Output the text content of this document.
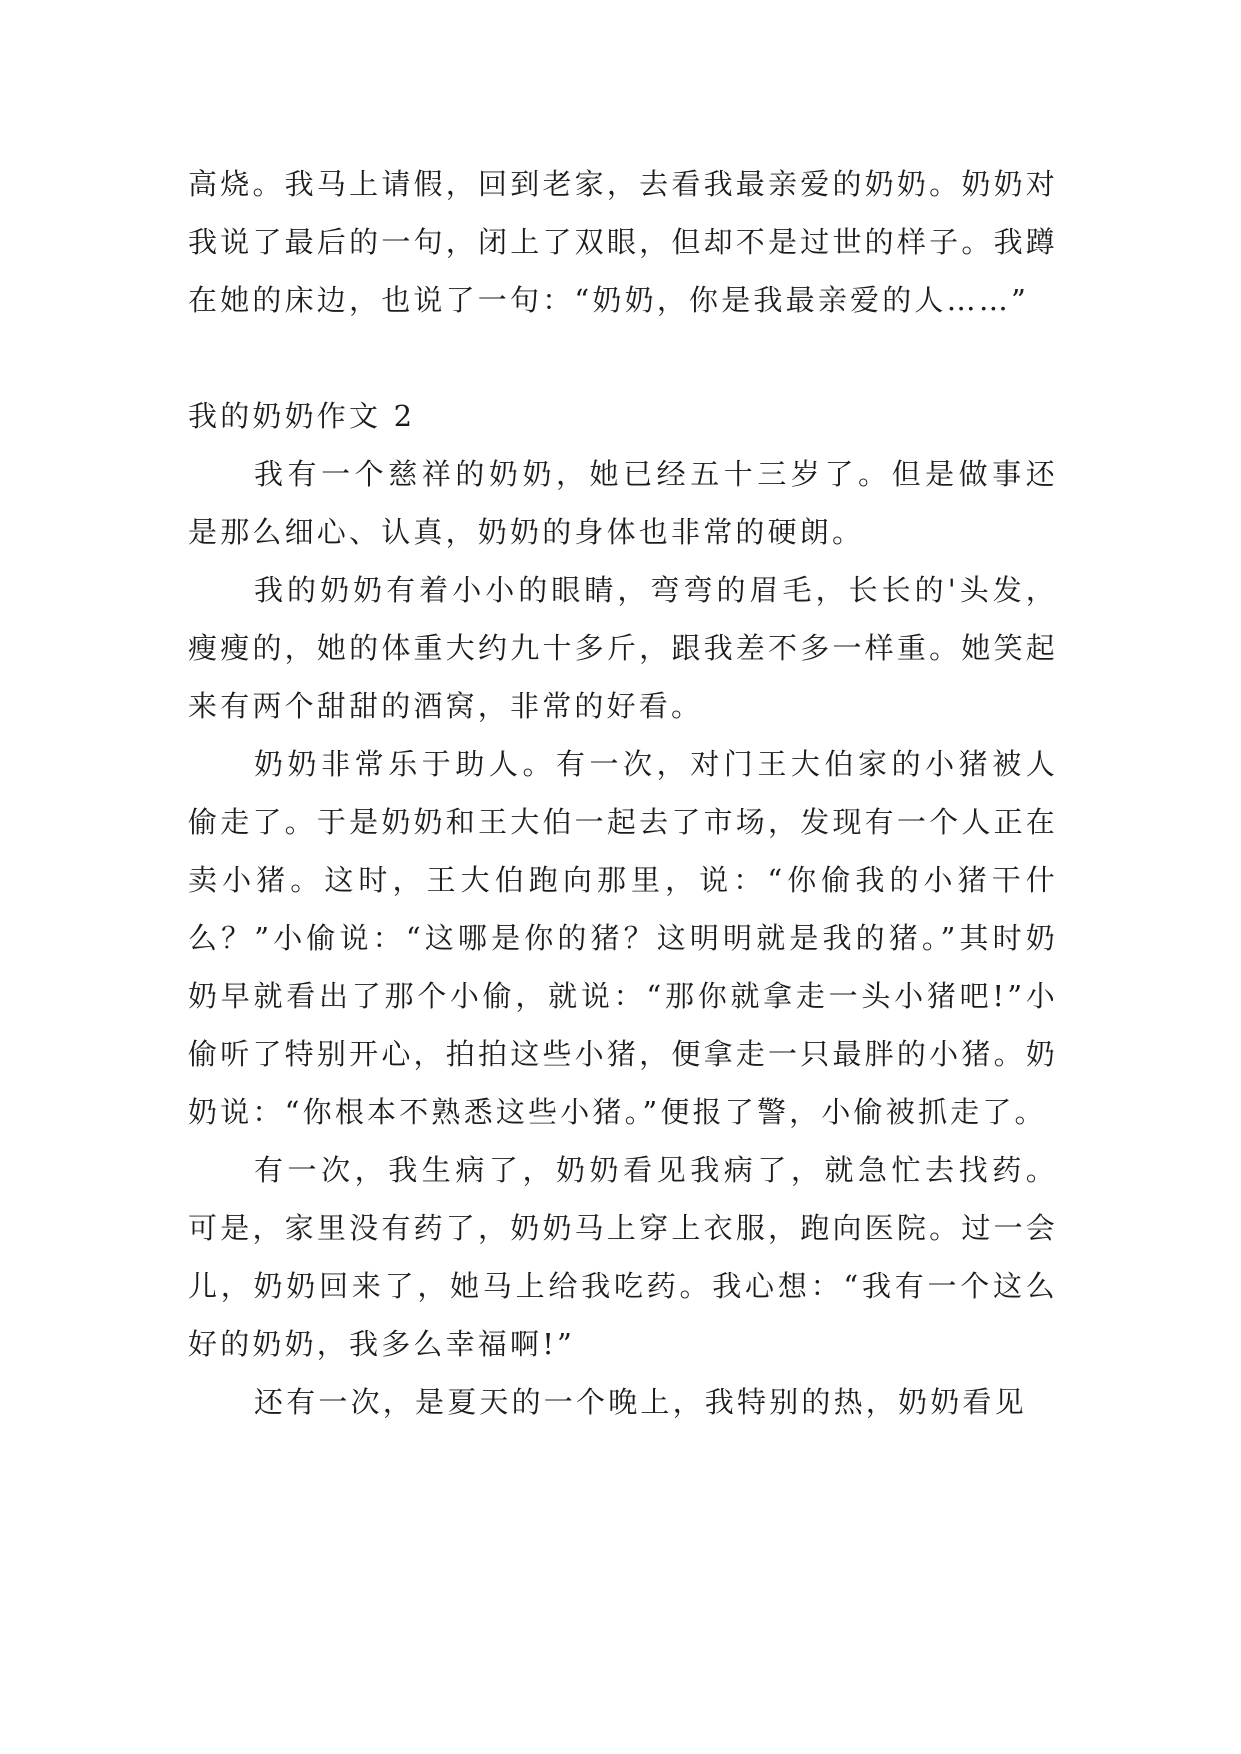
高烧。我马上请假，回到老家，去看我最亲爱的奶奶。奶奶对我说了最后的一句，闭上了双眼，但却不是过世的样子。我蹲在她的床边，也说了一句：“奶奶，你是我最亲爱的人……”

我的奶奶作文 2

我有一个慈祥的奶奶，她已经五十三岁了。但是做事还是那么细心、认真，奶奶的身体也非常的硬朗。

我的奶奶有着小小的眼睛，弯弯的眉毛，长长的'头发，瘦瘦的，她的体重大约九十多斤，跟我差不多一样重。她笑起来有两个甜甜的酒窝，非常的好看。

奶奶非常乐于助人。有一次，对门王大伯家的小猪被人偷走了。于是奶奶和王大伯一起去了市场，发现有一个人正在卖小猪。这时，王大伯跑向那里，说：“你偷我的小猪干什么？”小偷说：“这哪是你的猪？这明明就是我的猪。”其时奶奶早就看出了那个小偷，就说：“那你就拿走一头小猪吧!”小偷听了特别开心，拍拍这些小猪，便拿走一只最胖的小猪。奶奶说：“你根本不熟悉这些小猪。”便报了警，小偷被抓走了。

有一次，我生病了，奶奶看见我病了，就急忙去找药。可是，家里没有药了，奶奶马上穿上衣服，跑向医院。过一会儿，奶奶回来了，她马上给我吃药。我心想：“我有一个这么好的奶奶，我多么幸福啊!”

还有一次，是夏天的一个晚上，我特别的热，奶奶看见
